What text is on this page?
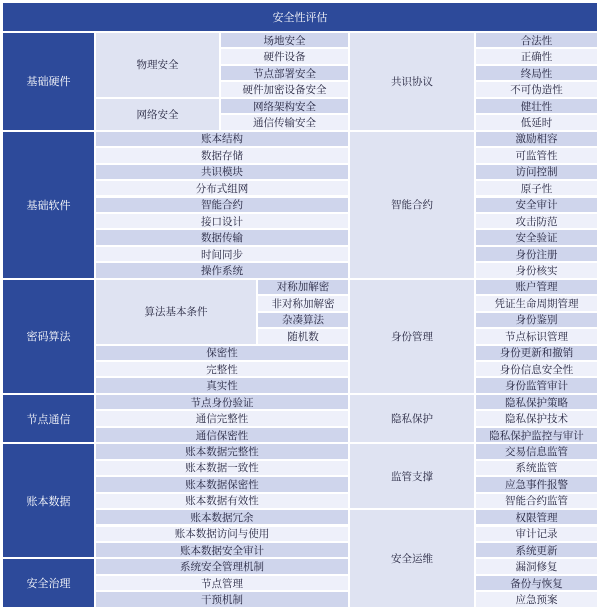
安全性评估
基础硬件
基础软件
密码算法
节点通信
账本数据
安全治理
物理安全
网络安全
场地安全
硬件设备
节点部署安全
硬件加密设备安全
网络架构安全
通信传输安全
账本结构
数据存储
共识模块
分布式组网
智能合约
接口设计
数据传输
时间同步
操作系统
算法基本条件
对称加解密
非对称加解密
杂凑算法
随机数
保密性
完整性
真实性
节点身份验证
通信完整性
通信保密性
账本数据完整性
账本数据一致性
账本数据保密性
账本数据有效性
账本数据冗余
账本数据访问与使用
账本数据安全审计
系统安全管理机制
节点管理
干预机制
共识协议
智能合约
身份管理
隐私保护
监管支撑
安全运维
合法性
正确性
终局性
不可伪造性
健壮性
低延时
激励相容
可监管性
访问控制
原子性
安全审计
攻击防范
安全验证
身份注册
身份核实
账户管理
凭证生命周期管理
身份鉴别
节点标识管理
身份更新和撤销
身份信息安全性
身份监管审计
隐私保护策略
隐私保护技术
隐私保护监控与审计
交易信息监管
系统监管
应急事件报警
智能合约监管
权限管理
审计记录
系统更新
漏洞修复
备份与恢复
应急预案
